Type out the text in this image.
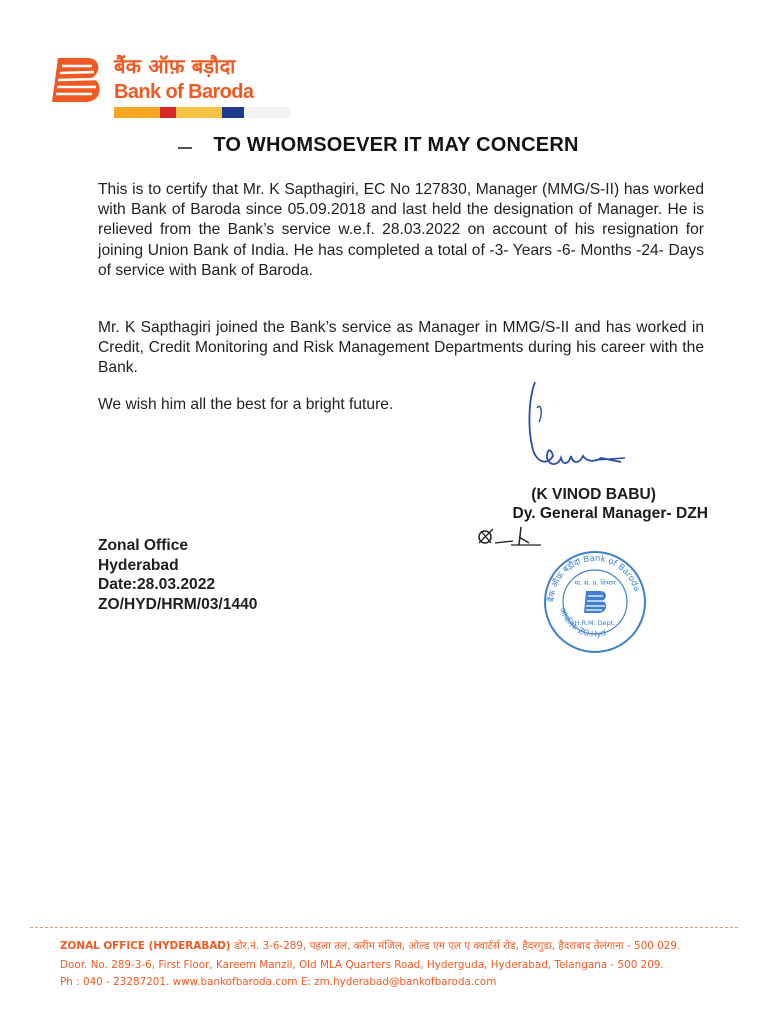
बैंक ऑफ़ बड़ौदा
Bank of Baroda
TO WHOMSOEVER IT MAY CONCERN

This is to certify that Mr. K Sapthagiri, EC No 127830, Manager (MMG/S-II) has worked with Bank of Baroda since 05.09.2018 and last held the designation of Manager. He is relieved from the Bank’s service w.e.f. 28.03.2022 on account of his resignation for joining Union Bank of India. He has completed a total of -3- Years -6- Months -24- Days of service with Bank of Baroda.

Mr. K Sapthagiri joined the Bank’s service as Manager in MMG/S-II and has worked in Credit, Credit Monitoring and Risk Management Departments during his career with the Bank.

We wish him all the best for a bright future.

(K VINOD BABU)
Dy. General Manager- DZH
Zonal Office
Hyderabad
Date:28.03.2022
ZO/HYD/HRM/03/1440	बैंक ऑफ़ बड़ौदा Bank of Baroda
आंचलिक ZO.Hyd
मा. सं. प्र. विभाग
H.R.M. Dept.
ZONAL OFFICE (HYDERABAD) डोर.नं. 3-6-289, पहला तल, करीम मंजिल, ओल्ड एम एल ए क्वार्टर्स रोड, हैदरगुडा, हैदराबाद तेलंगाना - 500 029.
Door. No. 289-3-6, First Floor, Kareem Manzil, Old MLA Quarters Road, Hyderguda, Hyderabad, Telangana - 500 209.
Ph : 040 - 23287201. www.bankofbaroda.com E: zm.hyderabad@bankofbaroda.com
